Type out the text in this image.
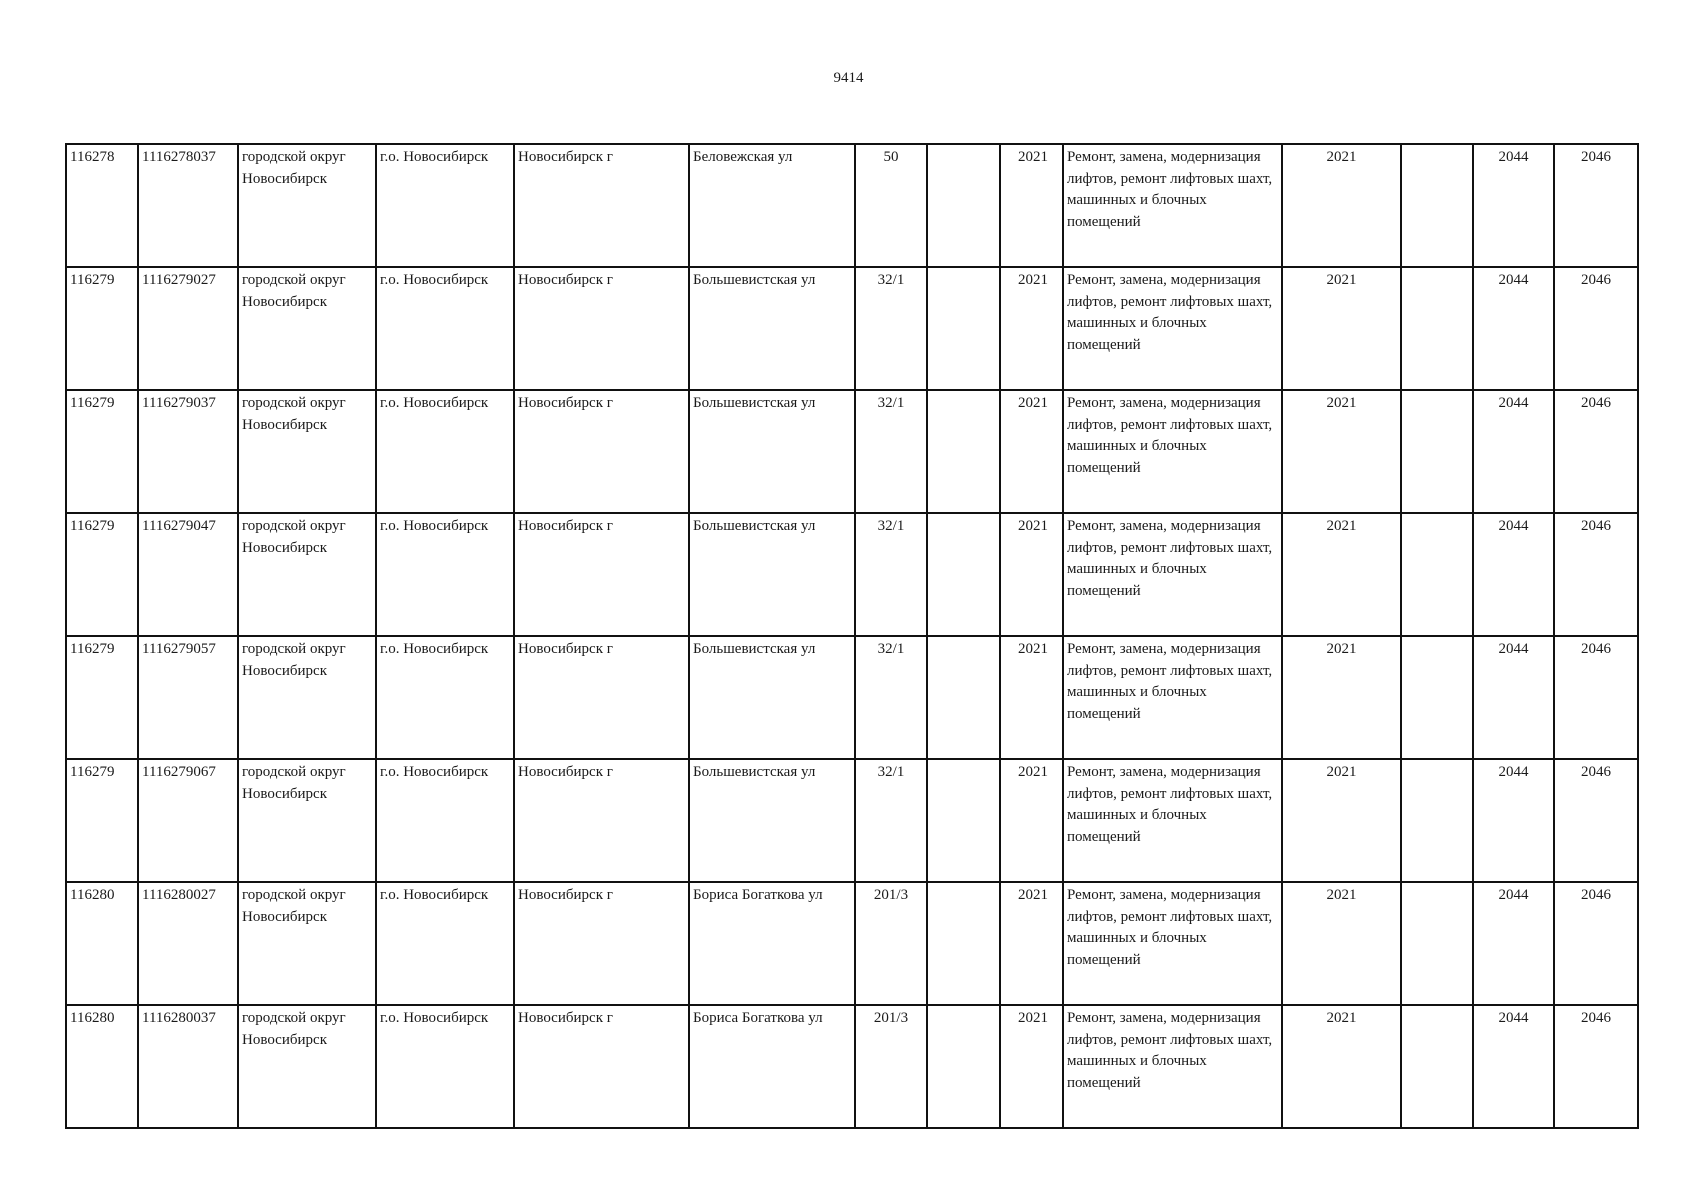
9414
116278	1116278037	городской округ Новосибирск	г.о. Новосибирск	Новосибирск г	Беловежская ул	50		2021	Ремонт, замена, модернизация лифтов, ремонт лифтовых шахт, машинных и блочных помещений	2021		2044	2046
116279	1116279027	городской округ Новосибирск	г.о. Новосибирск	Новосибирск г	Большевистская ул	32/1		2021	Ремонт, замена, модернизация лифтов, ремонт лифтовых шахт, машинных и блочных помещений	2021		2044	2046
116279	1116279037	городской округ Новосибирск	г.о. Новосибирск	Новосибирск г	Большевистская ул	32/1		2021	Ремонт, замена, модернизация лифтов, ремонт лифтовых шахт, машинных и блочных помещений	2021		2044	2046
116279	1116279047	городской округ Новосибирск	г.о. Новосибирск	Новосибирск г	Большевистская ул	32/1		2021	Ремонт, замена, модернизация лифтов, ремонт лифтовых шахт, машинных и блочных помещений	2021		2044	2046
116279	1116279057	городской округ Новосибирск	г.о. Новосибирск	Новосибирск г	Большевистская ул	32/1		2021	Ремонт, замена, модернизация лифтов, ремонт лифтовых шахт, машинных и блочных помещений	2021		2044	2046
116279	1116279067	городской округ Новосибирск	г.о. Новосибирск	Новосибирск г	Большевистская ул	32/1		2021	Ремонт, замена, модернизация лифтов, ремонт лифтовых шахт, машинных и блочных помещений	2021		2044	2046
116280	1116280027	городской округ Новосибирск	г.о. Новосибирск	Новосибирск г	Бориса Богаткова ул	201/3		2021	Ремонт, замена, модернизация лифтов, ремонт лифтовых шахт, машинных и блочных помещений	2021		2044	2046
116280	1116280037	городской округ Новосибирск	г.о. Новосибирск	Новосибирск г	Бориса Богаткова ул	201/3		2021	Ремонт, замена, модернизация лифтов, ремонт лифтовых шахт, машинных и блочных помещений	2021		2044	2046
